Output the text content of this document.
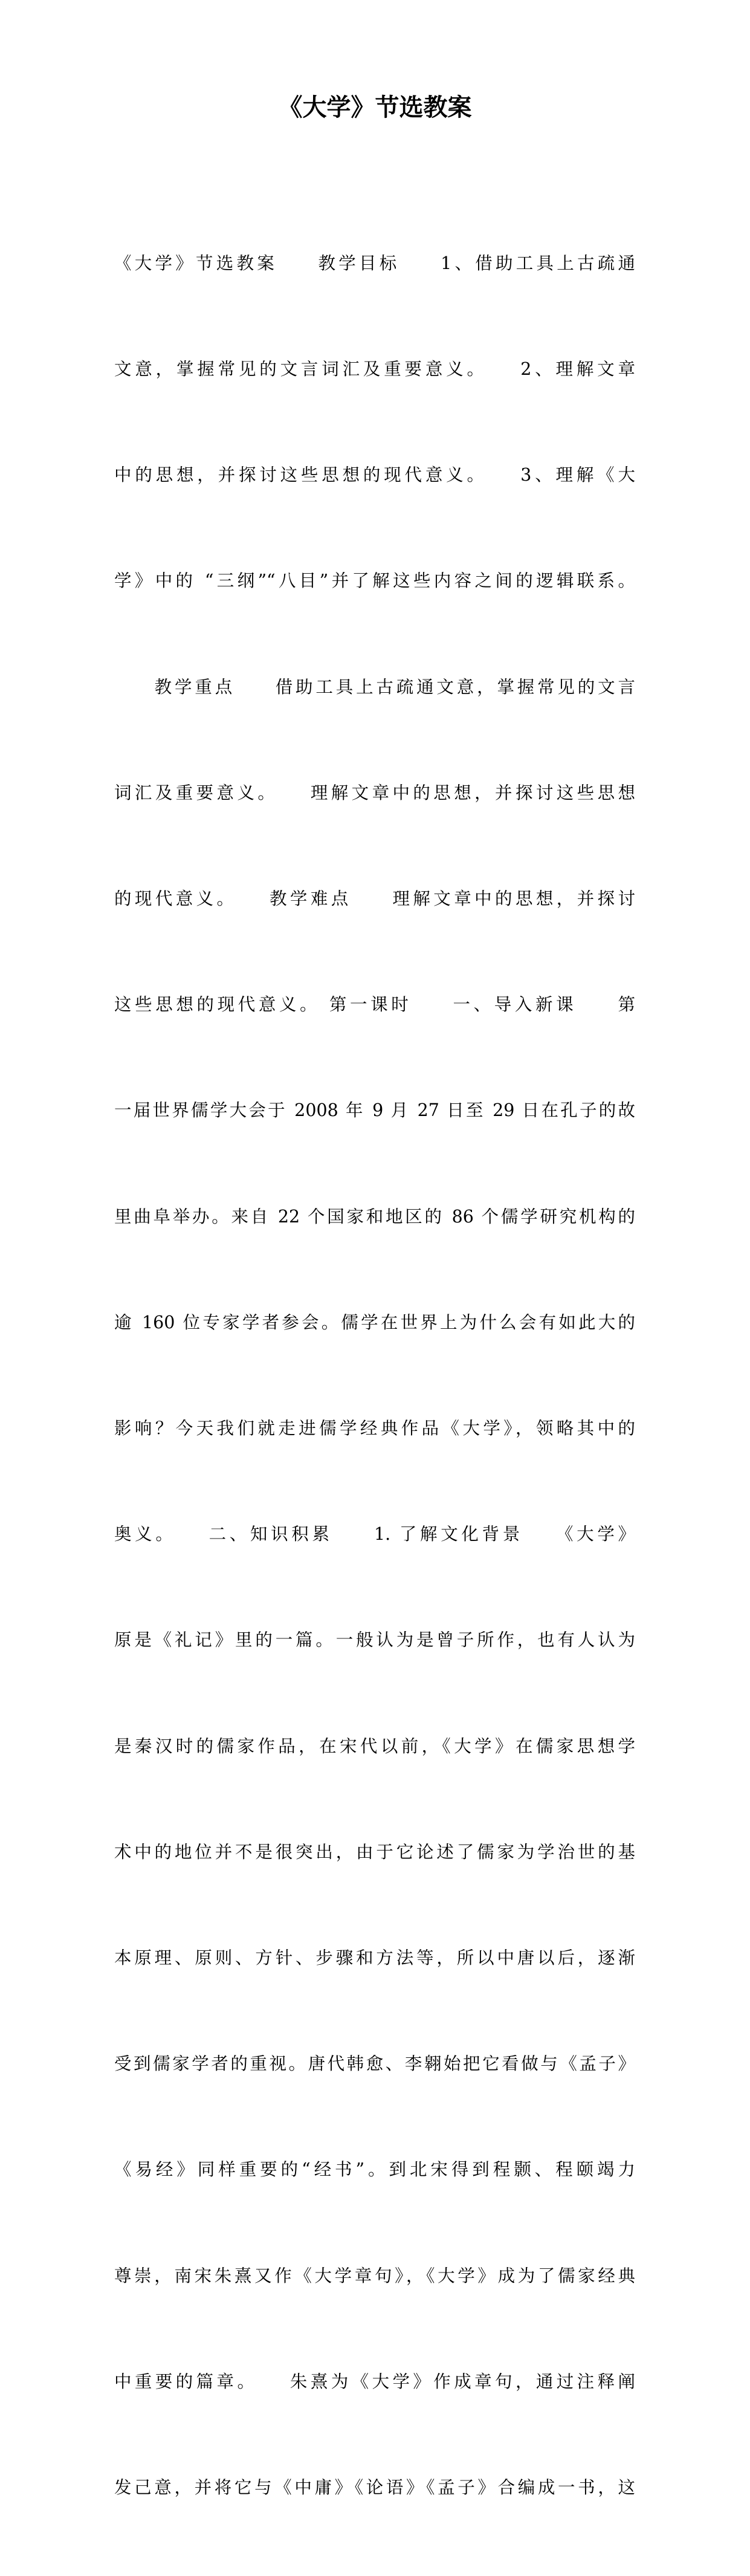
《大学》节选教案

《大学》节选教案　　教学目标　　1、借助工具上古疏通

文意，掌握常见的文言词汇及重要意义。　　2、理解文章

中的思想，并探讨这些思想的现代意义。　　3、理解《大

学》中的 “三纲”“八目”并了解这些内容之间的逻辑联系。

　　教学重点　　借助工具上古疏通文意，掌握常见的文言

词汇及重要意义。　　理解文章中的思想，并探讨这些思想

的现代意义。　　教学难点　　理解文章中的思想，并探讨

这些思想的现代意义。 第一课时　　一、导入新课　　第

一届世界儒学大会于 2008 年 9 月 27 日至 29 日在孔子的故

里曲阜举办。来自 22 个国家和地区的 86 个儒学研究机构的

逾 160 位专家学者参会。儒学在世界上为什么会有如此大的

影响？今天我们就走进儒学经典作品《大学》，领略其中的

奥义。　　二、知识积累　　1. 了解文化背景　　《大学》

原是《礼记》里的一篇。一般认为是曾子所作，也有人认为

是秦汉时的儒家作品，在宋代以前，《大学》在儒家思想学

术中的地位并不是很突出，由于它论述了儒家为学治世的基

本原理、原则、方针、步骤和方法等，所以中唐以后，逐渐

受到儒家学者的重视。唐代韩愈、李翱始把它看做与《孟子》

《易经》同样重要的“经书”。到北宋得到程颢、程颐竭力

尊崇，南宋朱熹又作《大学章句》，《大学》成为了儒家经典

中重要的篇章。　　朱熹为《大学》作成章句，通过注释阐

发己意，并将它与《中庸》《论语》《孟子》合编成一书，这
